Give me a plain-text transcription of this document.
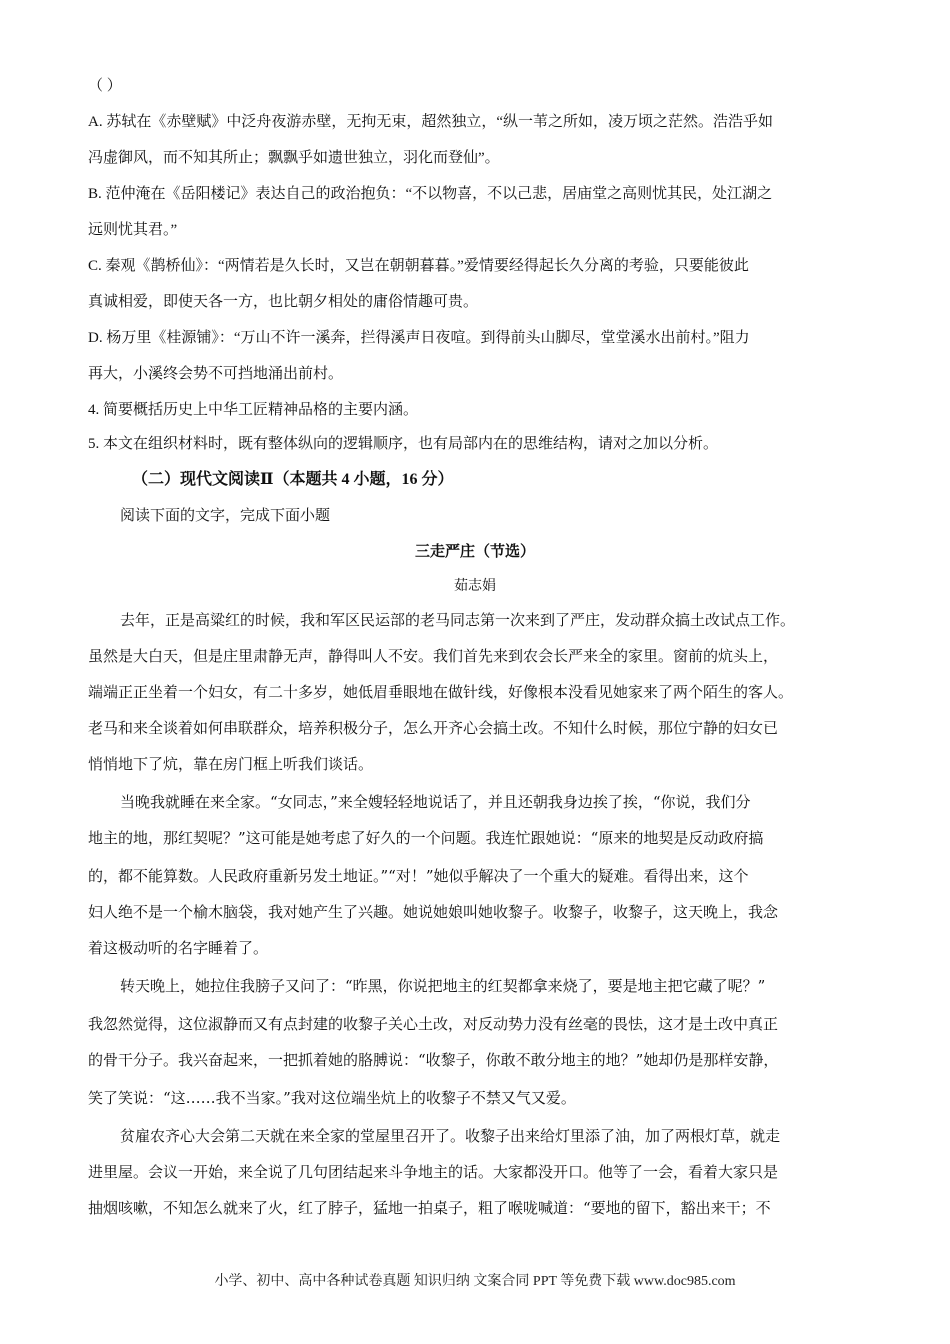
（ ）
A. 苏轼在《赤壁赋》中泛舟夜游赤壁，无拘无束，超然独立，“纵一苇之所如，凌万顷之茫然。浩浩乎如
冯虚御风，而不知其所止；飘飘乎如遗世独立，羽化而登仙”。
B. 范仲淹在《岳阳楼记》表达自己的政治抱负：“不以物喜，不以己悲，居庙堂之高则忧其民，处江湖之
远则忧其君。”
C. 秦观《鹊桥仙》：“两情若是久长时，又岂在朝朝暮暮。”爱情要经得起长久分离的考验，只要能彼此
真诚相爱，即使天各一方，也比朝夕相处的庸俗情趣可贵。
D. 杨万里《桂源铺》：“万山不许一溪奔，拦得溪声日夜喧。到得前头山脚尽，堂堂溪水出前村。”阻力
再大，小溪终会势不可挡地涌出前村。
4. 简要概括历史上中华工匠精神品格的主要内涵。
5. 本文在组织材料时，既有整体纵向的逻辑顺序，也有局部内在的思维结构，请对之加以分析。
（二）现代文阅读Ⅱ（本题共 4 小题，16 分）
阅读下面的文字，完成下面小题
三走严庄（节选）
茹志娟
去年，正是高粱红的时候，我和军区民运部的老马同志第一次来到了严庄，发动群众搞土改试点工作。
虽然是大白天，但是庄里肃静无声，静得叫人不安。我们首先来到农会长严来全的家里。窗前的炕头上，
端端正正坐着一个妇女，有二十多岁，她低眉垂眼地在做针线，好像根本没看见她家来了两个陌生的客人。
老马和来全谈着如何串联群众，培养积极分子，怎么开齐心会搞土改。不知什么时候，那位宁静的妇女已
悄悄地下了炕，靠在房门框上听我们谈话。
当晚我就睡在来全家。“女同志，”来全嫂轻轻地说话了，并且还朝我身边挨了挨，“你说，我们分
地主的地，那红契呢？”这可能是她考虑了好久的一个问题。我连忙跟她说：“原来的地契是反动政府搞
的，都不能算数。人民政府重新另发土地证。”“对！”她似乎解决了一个重大的疑难。看得出来，这个
妇人绝不是一个榆木脑袋，我对她产生了兴趣。她说她娘叫她收黎子。收黎子，收黎子，这天晚上，我念
着这极动听的名字睡着了。
转天晚上，她拉住我膀子又问了：“昨黑，你说把地主的红契都拿来烧了，要是地主把它藏了呢？”
我忽然觉得，这位淑静而又有点封建的收黎子关心土改，对反动势力没有丝毫的畏怯，这才是土改中真正
的骨干分子。我兴奋起来，一把抓着她的胳膊说：“收黎子，你敢不敢分地主的地？”她却仍是那样安静，
笑了笑说：“这……我不当家。”我对这位端坐炕上的收黎子不禁又气又爱。
贫雇农齐心大会第二天就在来全家的堂屋里召开了。收黎子出来给灯里添了油，加了两根灯草，就走
进里屋。会议一开始，来全说了几句团结起来斗争地主的话。大家都没开口。他等了一会，看着大家只是
抽烟咳嗽，不知怎么就来了火，红了脖子，猛地一拍桌子，粗了喉咙喊道：“要地的留下，豁出来干；不
小学、初中、高中各种试卷真题 知识归纳 文案合同 PPT 等免费下载 www.doc985.com
